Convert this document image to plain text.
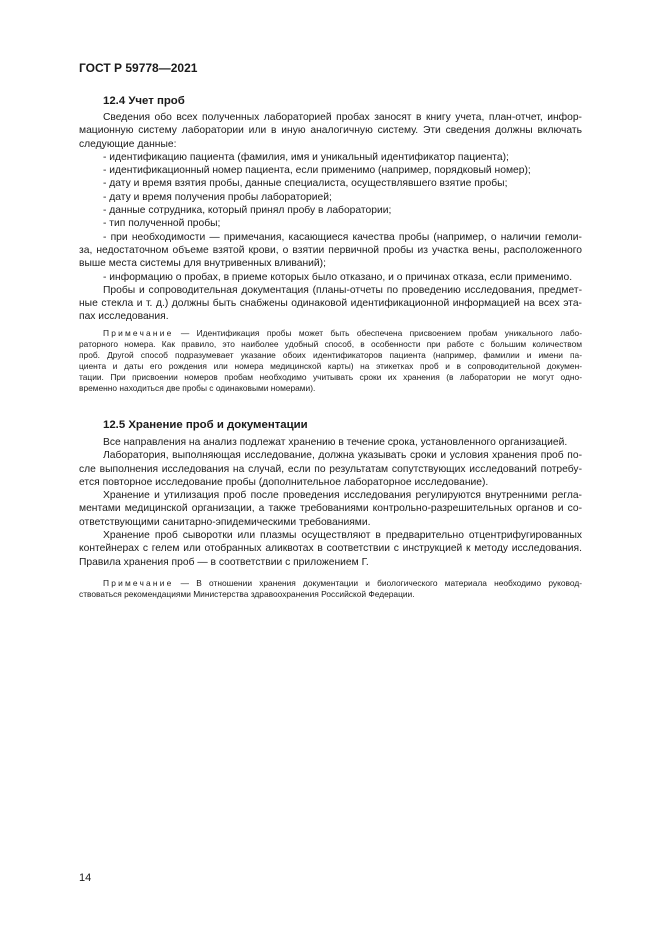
ГОСТ Р 59778—2021
12.4 Учет проб
Сведения обо всех полученных лабораторией пробах заносят в книгу учета, план-отчет, инфор-
мационную систему лаборатории или в иную аналогичную систему. Эти сведения должны включать
следующие данные:
- идентификацию пациента (фамилия, имя и уникальный идентификатор пациента);
- идентификационный номер пациента, если применимо (например, порядковый номер);
- дату и время взятия пробы, данные специалиста, осуществлявшего взятие пробы;
- дату и время получения пробы лабораторией;
- данные сотрудника, который принял пробу в лаборатории;
- тип полученной пробы;
- при необходимости — примечания, касающиеся качества пробы (например, о наличии гемоли-
за, недостаточном объеме взятой крови, о взятии первичной пробы из участка вены, расположенного
выше места системы для внутривенных вливаний);
- информацию о пробах, в приеме которых было отказано, и о причинах отказа, если применимо.
Пробы и сопроводительная документация (планы-отчеты по проведению исследования, предмет-
ные стекла и т. д.) должны быть снабжены одинаковой идентификационной информацией на всех эта-
пах исследования.
Примечание — Идентификация пробы может быть обеспечена присвоением пробам уникального лабо-
раторного номера. Как правило, это наиболее удобный способ, в особенности при работе с большим количеством
проб. Другой способ подразумевает указание обоих идентификаторов пациента (например, фамилии и имени па-
циента и даты его рождения или номера медицинской карты) на этикетках проб и в сопроводительной докумен-
тации. При присвоении номеров пробам необходимо учитывать сроки их хранения (в лаборатории не могут одно-
временно находиться две пробы с одинаковыми номерами).
12.5 Хранение проб и документации
Все направления на анализ подлежат хранению в течение срока, установленного организацией.
Лаборатория, выполняющая исследование, должна указывать сроки и условия хранения проб по-
сле выполнения исследования на случай, если по результатам сопутствующих исследований потребу-
ется повторное исследование пробы (дополнительное лабораторное исследование).
Хранение и утилизация проб после проведения исследования регулируются внутренними регла-
ментами медицинской организации, а также требованиями контрольно-разрешительных органов и со-
ответствующими санитарно-эпидемическими требованиями.
Хранение проб сыворотки или плазмы осуществляют в предварительно отцентрифугированных
контейнерах с гелем или отобранных аликвотах в соответствии с инструкцией к методу исследования.
Правила хранения проб — в соответствии с приложением Г.
Примечание — В отношении хранения документации и биологического материала необходимо руковод-
ствоваться рекомендациями Министерства здравоохранения Российской Федерации.
14
